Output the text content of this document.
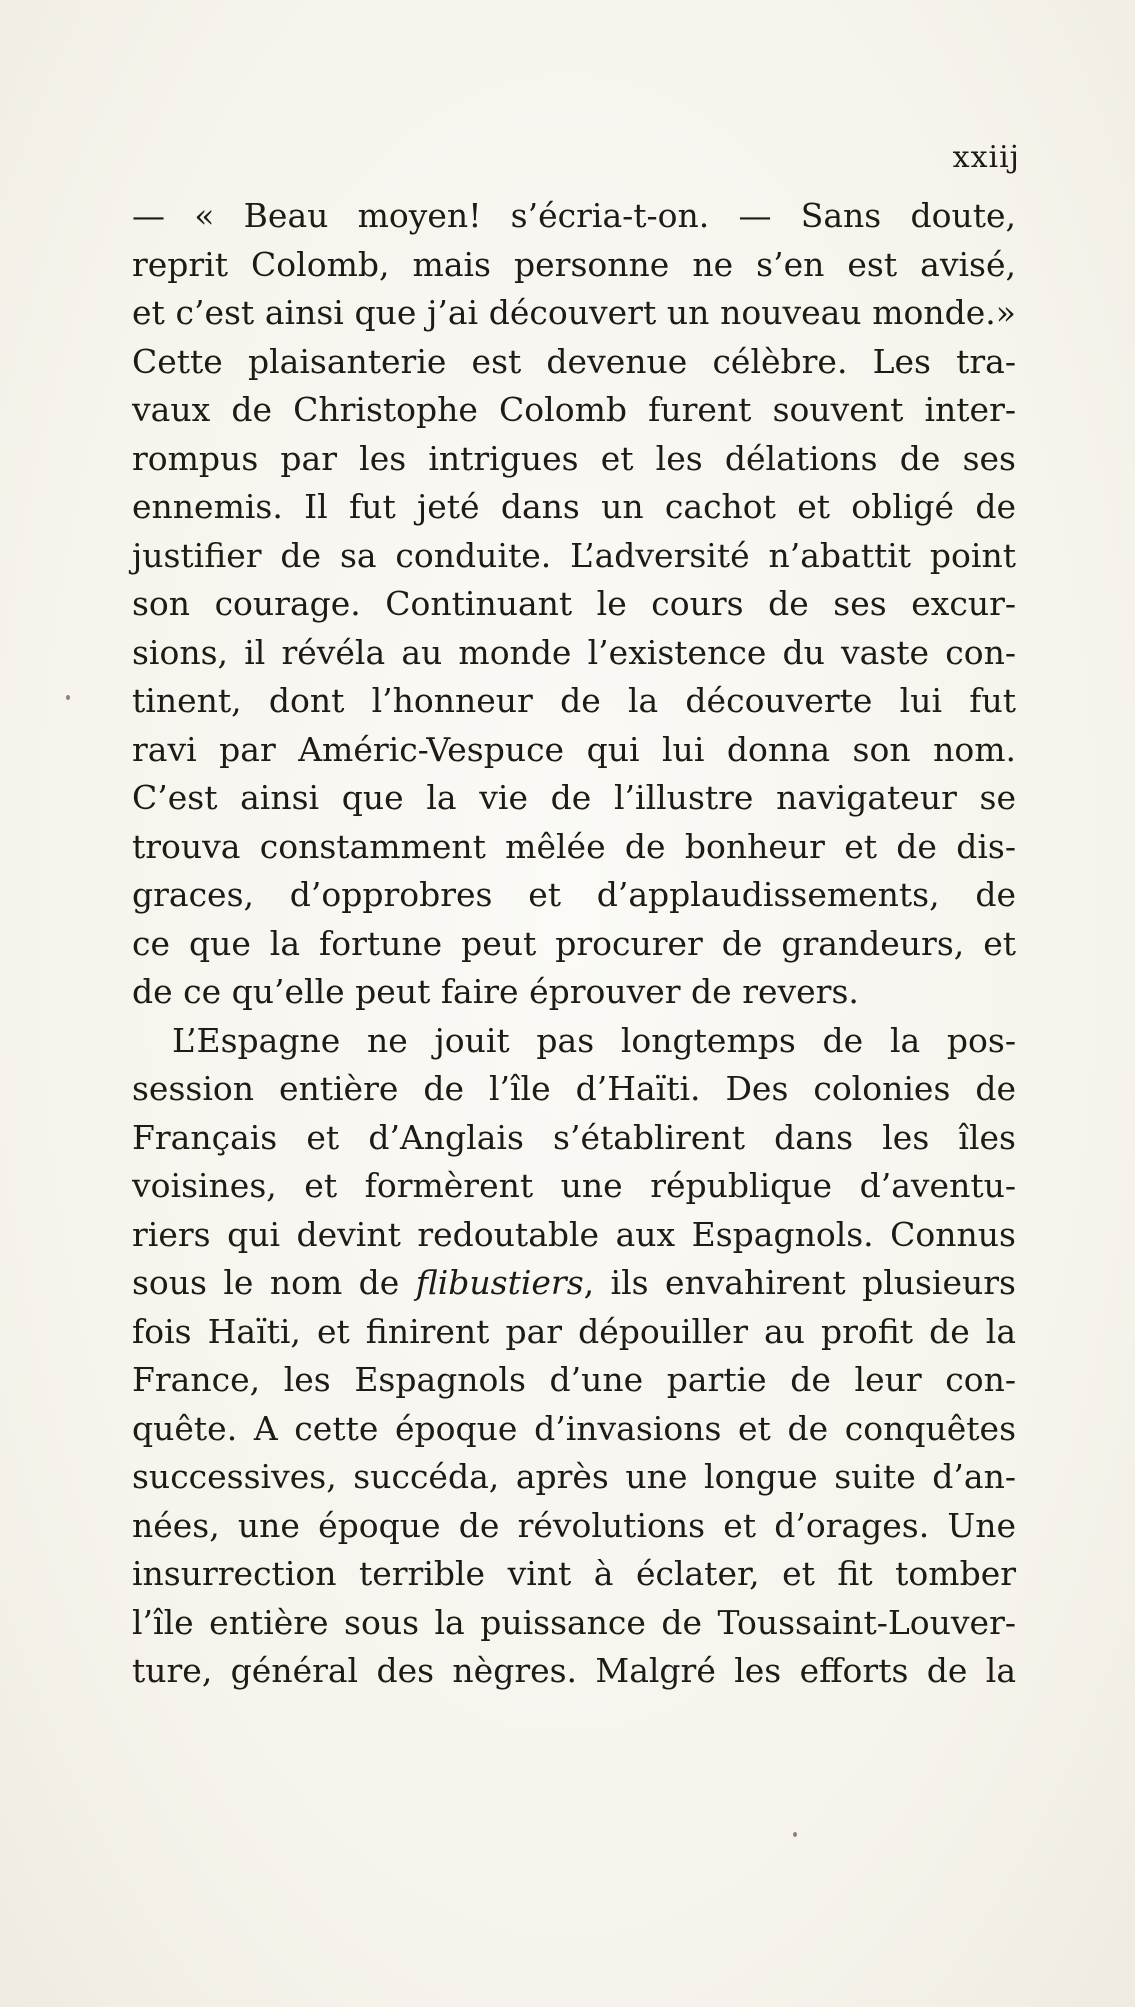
xxiij
— « Beau moyen! s’écria-t-on. — Sans doute,
reprit Colomb, mais personne ne s’en est avisé,
et c’est ainsi que j’ai découvert un nouveau monde.»
Cette plaisanterie est devenue célèbre. Les tra-
vaux de Christophe Colomb furent souvent inter-
rompus par les intrigues et les délations de ses
ennemis. Il fut jeté dans un cachot et obligé de
justifier de sa conduite. L’adversité n’abattit point
son courage. Continuant le cours de ses excur-
sions, il révéla au monde l’existence du vaste con-
tinent, dont l’honneur de la découverte lui fut
ravi par Améric-Vespuce qui lui donna son nom.
C’est ainsi que la vie de l’illustre navigateur se
trouva constamment mêlée de bonheur et de dis-
graces, d’opprobres et d’applaudissements, de
ce que la fortune peut procurer de grandeurs, et
de ce qu’elle peut faire éprouver de revers.
L’Espagne ne jouit pas longtemps de la pos-
session entière de l’île d’Haïti. Des colonies de
Français et d’Anglais s’établirent dans les îles
voisines, et formèrent une république d’aventu-
riers qui devint redoutable aux Espagnols. Connus
sous le nom de flibustiers, ils envahirent plusieurs
fois Haïti, et finirent par dépouiller au profit de la
France, les Espagnols d’une partie de leur con-
quête. A cette époque d’invasions et de conquêtes
successives, succéda, après une longue suite d’an-
nées, une époque de révolutions et d’orages. Une
insurrection terrible vint à éclater, et fit tomber
l’île entière sous la puissance de Toussaint-Louver-
ture, général des nègres. Malgré les efforts de la
